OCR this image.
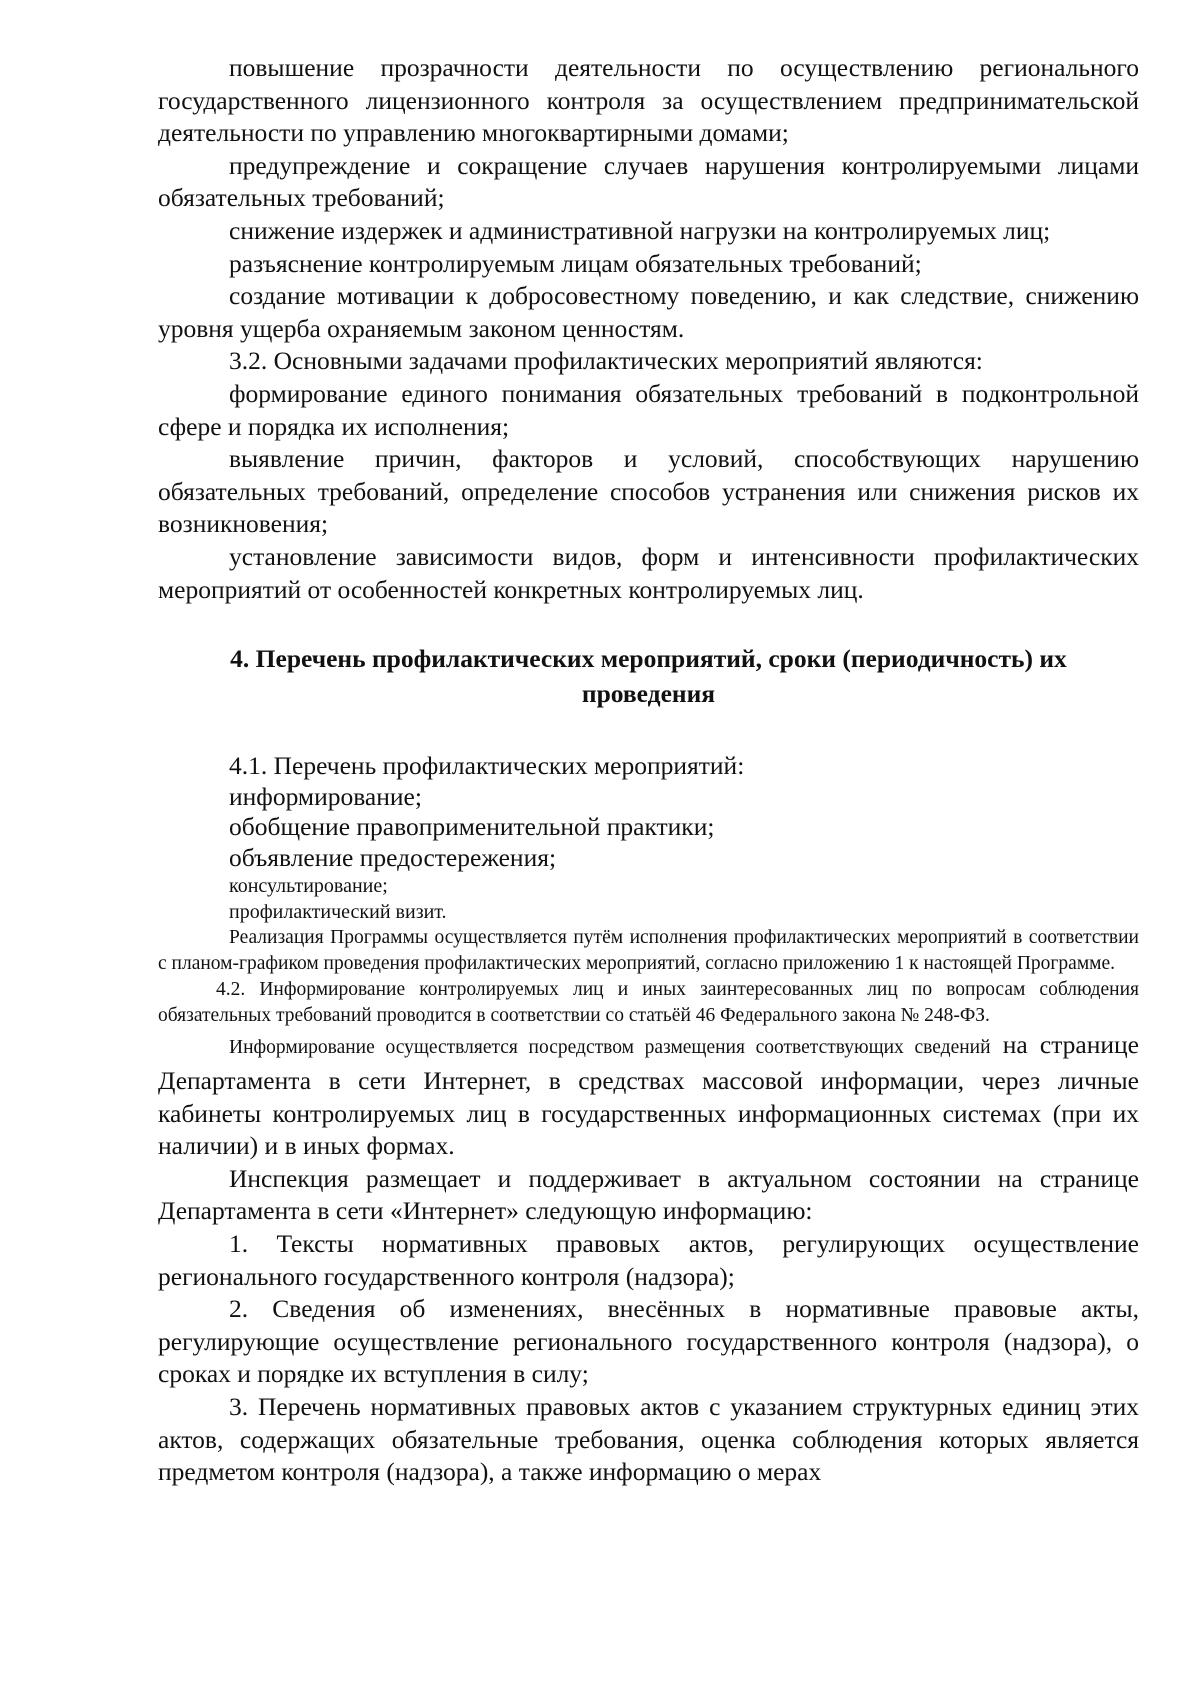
повышение прозрачности деятельности по осуществлению регионального государственного лицензионного контроля за осуществлением предпринимательской деятельности по управлению многоквартирными домами;

предупреждение и сокращение случаев нарушения контролируемыми лицами обязательных требований;

снижение издержек и административной нагрузки на контролируемых лиц;

разъяснение контролируемым лицам обязательных требований;

создание мотивации к добросовестному поведению, и как следствие, снижению уровня ущерба охраняемым законом ценностям.

3.2. Основными задачами профилактических мероприятий являются:

формирование единого понимания обязательных требований в подконтрольной сфере и порядка их исполнения;

выявление причин, факторов и условий, способствующих нарушению обязательных требований, определение способов устранения или снижения рисков их возникновения;

установление зависимости видов, форм и интенсивности профилактических мероприятий от особенностей конкретных контролируемых лиц.

4. Перечень профилактических мероприятий, сроки (периодичность) их
проведения

4.1. Перечень профилактических мероприятий:

информирование;

обобщение правоприменительной практики;

объявление предостережения;

консультирование;

профилактический визит.

Реализация Программы осуществляется путём исполнения профилактических мероприятий в соответствии с планом-графиком проведения профилактических мероприятий, согласно приложению 1 к настоящей Программе.

4.2. Информирование контролируемых лиц и иных заинтересованных лиц по вопросам соблюдения обязательных требований проводится в соответствии со статьёй 46 Федерального закона № 248-ФЗ.

Информирование осуществляется посредством размещения соответствующих сведений на странице Департамента в сети Интернет, в средствах массовой информации, через личные кабинеты контролируемых лиц в государственных информационных системах (при их наличии) и в иных формах.

Инспекция размещает и поддерживает в актуальном состоянии на странице Департамента в сети «Интернет» следующую информацию:

1. Тексты нормативных правовых актов, регулирующих осуществление регионального государственного контроля (надзора);

2. Сведения об изменениях, внесённых в нормативные правовые акты, регулирующие осуществление регионального государственного контроля (надзора), о сроках и порядке их вступления в силу;

3. Перечень нормативных правовых актов с указанием структурных единиц этих актов, содержащих обязательные требования, оценка соблюдения которых является предметом контроля (надзора), а также информацию о мерах
